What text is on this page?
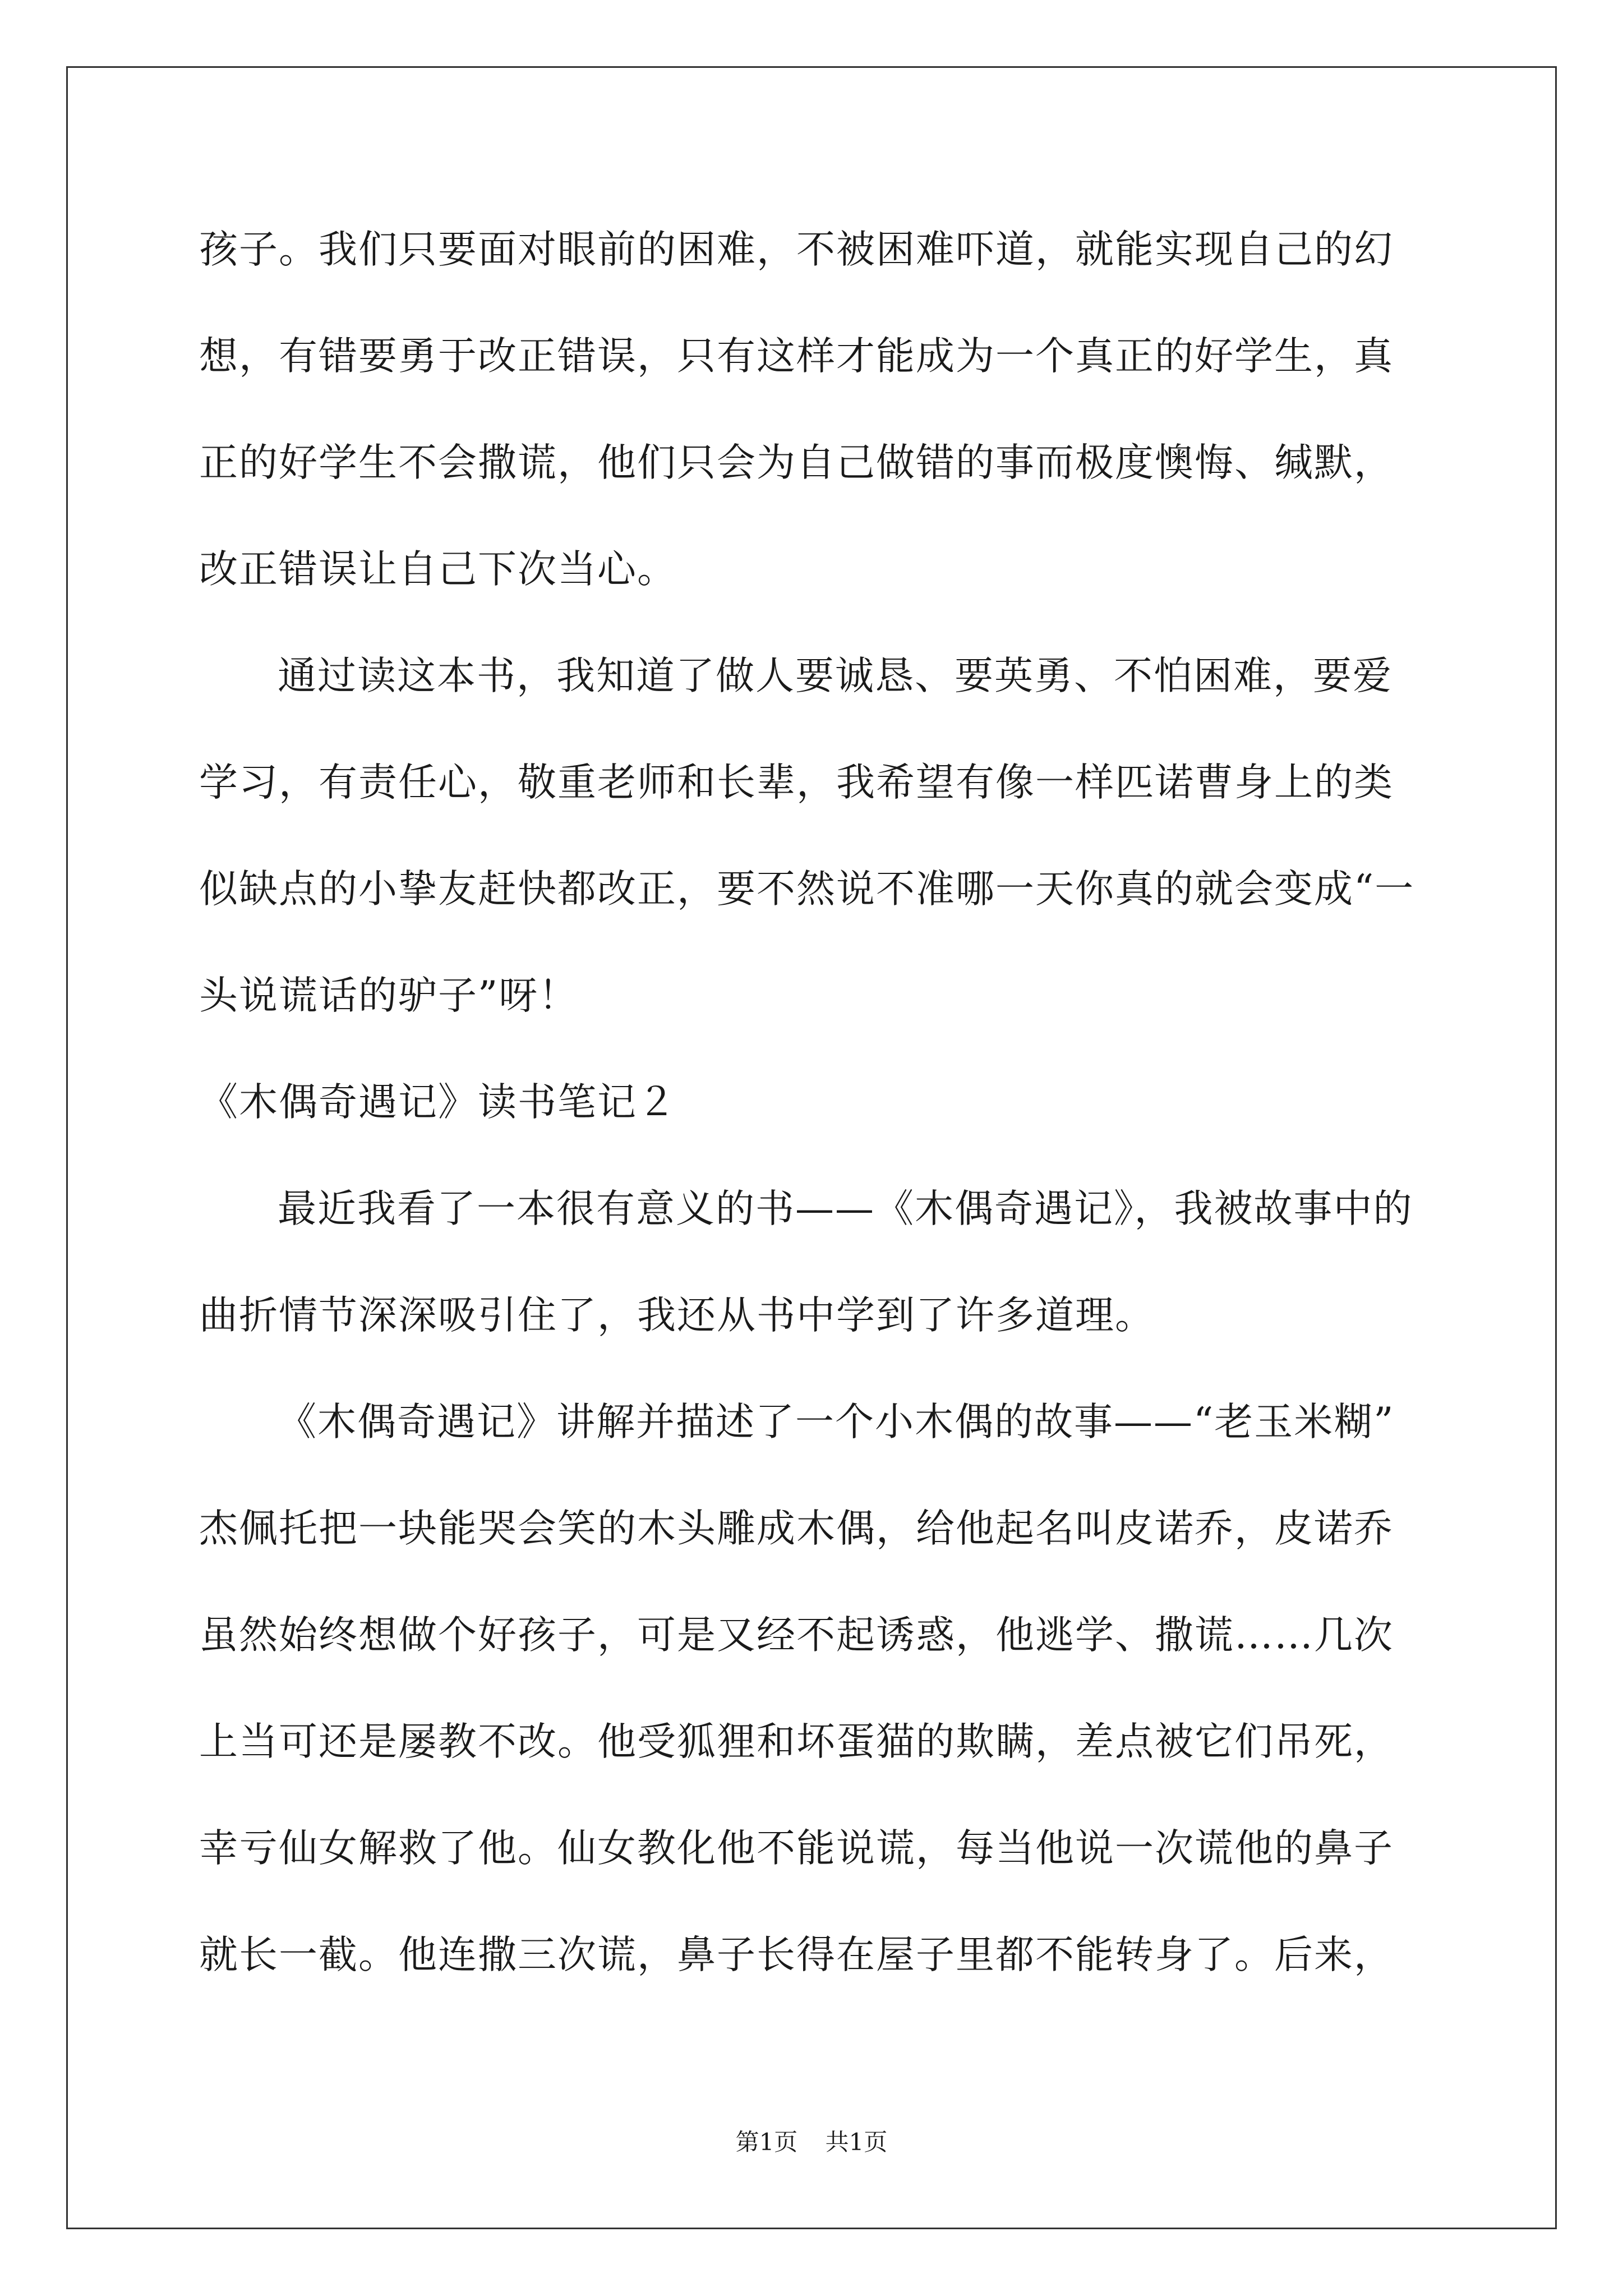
孩子。我们只要面对眼前的困难，不被困难吓道，就能实现自己的幻
想，有错要勇于改正错误，只有这样才能成为一个真正的好学生，真
正的好学生不会撒谎，他们只会为自己做错的事而极度懊悔、缄默，
改正错误让自己下次当心。
通过读这本书，我知道了做人要诚恳、要英勇、不怕困难，要爱
学习，有责任心，敬重老师和长辈，我希望有像一样匹诺曹身上的类
似缺点的小挚友赶快都改正，要不然说不准哪一天你真的就会变成“一
头说谎话的驴子”呀！
《木偶奇遇记》读书笔记２
最近我看了一本很有意义的书——《木偶奇遇记》，我被故事中的
曲折情节深深吸引住了，我还从书中学到了许多道理。
《木偶奇遇记》讲解并描述了一个小木偶的故事——“老玉米糊”
杰佩托把一块能哭会笑的木头雕成木偶，给他起名叫皮诺乔，皮诺乔
虽然始终想做个好孩子，可是又经不起诱惑，他逃学、撒谎……几次
上当可还是屡教不改。他受狐狸和坏蛋猫的欺瞒，差点被它们吊死，
幸亏仙女解救了他。仙女教化他不能说谎，每当他说一次谎他的鼻子
就长一截。他连撒三次谎，鼻子长得在屋子里都不能转身了。后来，
第1页 共1页
